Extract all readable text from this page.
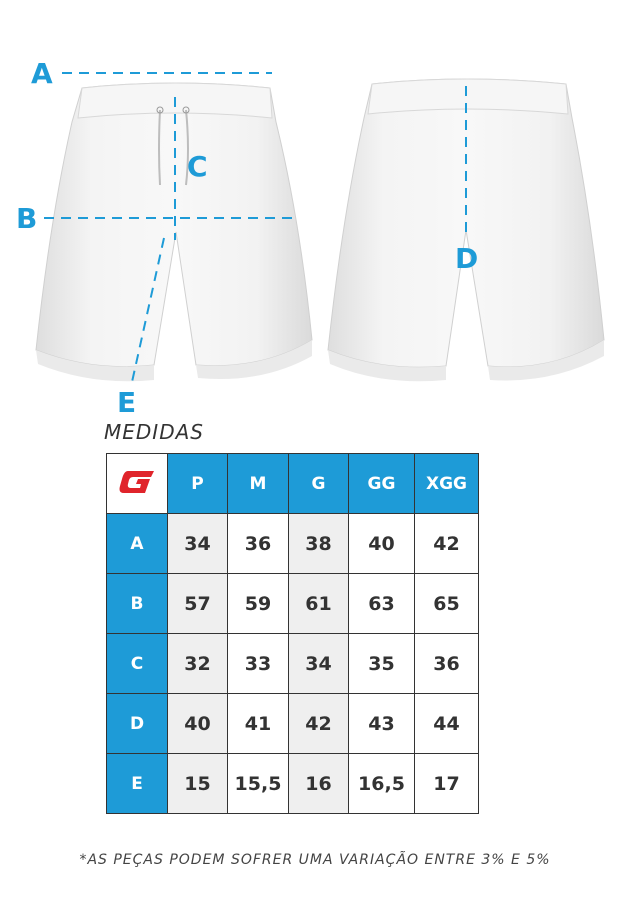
A
B
C
D
E
MEDIDAS
	P	M	G	GG	XGG
A	34	36	38	40	42
B	57	59	61	63	65
C	32	33	34	35	36
D	40	41	42	43	44
E	15	15,5	16	16,5	17
*AS PEÇAS PODEM SOFRER UMA VARIAÇÃO ENTRE 3% E 5%
